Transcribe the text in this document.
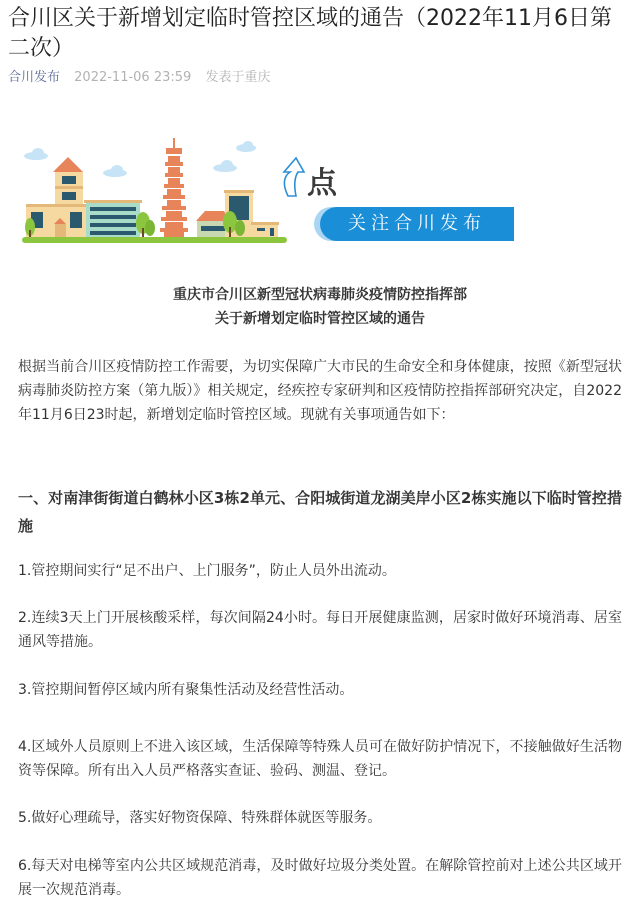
合川区关于新增划定临时管控区域的通告（2022年11月6日第二次）
合川发布 2022-11-06 23:59 发表于重庆
点
关注合川发布
重庆市合川区新型冠状病毒肺炎疫情防控指挥部
关于新增划定临时管控区域的通告

根据当前合川区疫情防控工作需要，为切实保障广大市民的生命安全和身体健康，按照《新型冠状病毒肺炎防控方案（第九版）》相关规定，经疾控专家研判和区疫情防控指挥部研究决定，自2022年11月6日23时起，新增划定临时管控区域。现就有关事项通告如下：

一、对南津街街道白鹤林小区3栋2单元、合阳城街道龙湖美岸小区2栋实施以下临时管控措施

1.管控期间实行“足不出户、上门服务”，防止人员外出流动。

2.连续3天上门开展核酸采样，每次间隔24小时。每日开展健康监测，居家时做好环境消毒、居室通风等措施。

3.管控期间暂停区域内所有聚集性活动及经营性活动。

4.区域外人员原则上不进入该区域，生活保障等特殊人员可在做好防护情况下，不接触做好生活物资等保障。所有出入人员严格落实查证、验码、测温、登记。

5.做好心理疏导，落实好物资保障、特殊群体就医等服务。

6.每天对电梯等室内公共区域规范消毒，及时做好垃圾分类处置。在解除管控前对上述公共区域开展一次规范消毒。
